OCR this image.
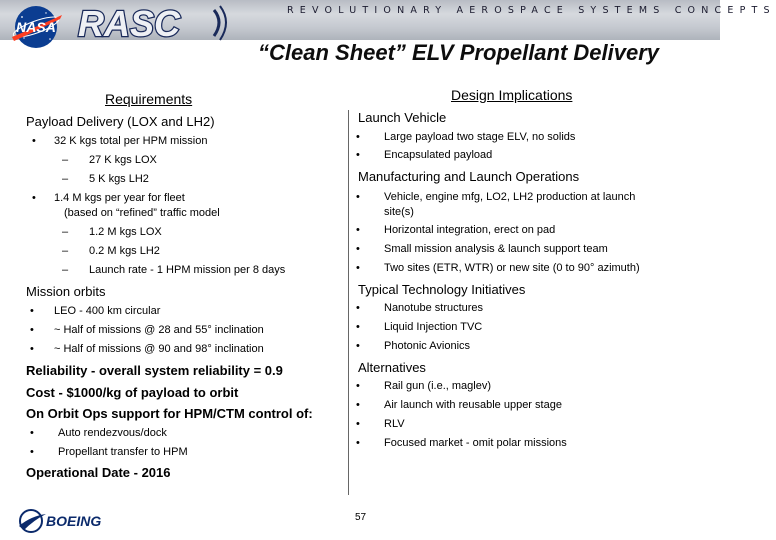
NASA RASC	REVOLUTIONARY AEROSPACE SYSTEMS CONCEPTS
“Clean Sheet” ELV Propellant Delivery
Requirements	Design Implications
Payload Delivery (LOX and LH2)
• 32 K kgs total per HPM mission
– 27 K kgs LOX
– 5 K kgs LH2
• 1.4 M kgs per year for fleet
(based on “refined” traffic model
– 1.2 M kgs LOX
– 0.2 M kgs LH2
– Launch rate - 1 HPM mission per 8 days
Mission orbits
• LEO - 400 km circular
• ~ Half of missions @ 28 and 55° inclination
• ~ Half of missions @ 90 and 98° inclination
Reliability - overall system reliability = 0.9
Cost - $1000/kg of payload to orbit
On Orbit Ops support for HPM/CTM control of:
• Auto rendezvous/dock
• Propellant transfer to HPM
Operational Date - 2016
Launch Vehicle
• Large payload two stage ELV, no solids
• Encapsulated payload
Manufacturing and Launch Operations
• Vehicle, engine mfg, LO2, LH2 production at launch
site(s)
• Horizontal integration, erect on pad
• Small mission analysis & launch support team
• Two sites (ETR, WTR) or new site (0 to 90° azimuth)
Typical Technology Initiatives
• Nanotube structures
• Liquid Injection TVC
• Photonic Avionics
Alternatives
• Rail gun (i.e., maglev)
• Air launch with reusable upper stage
• RLV
• Focused market - omit polar missions
BOEING	57
